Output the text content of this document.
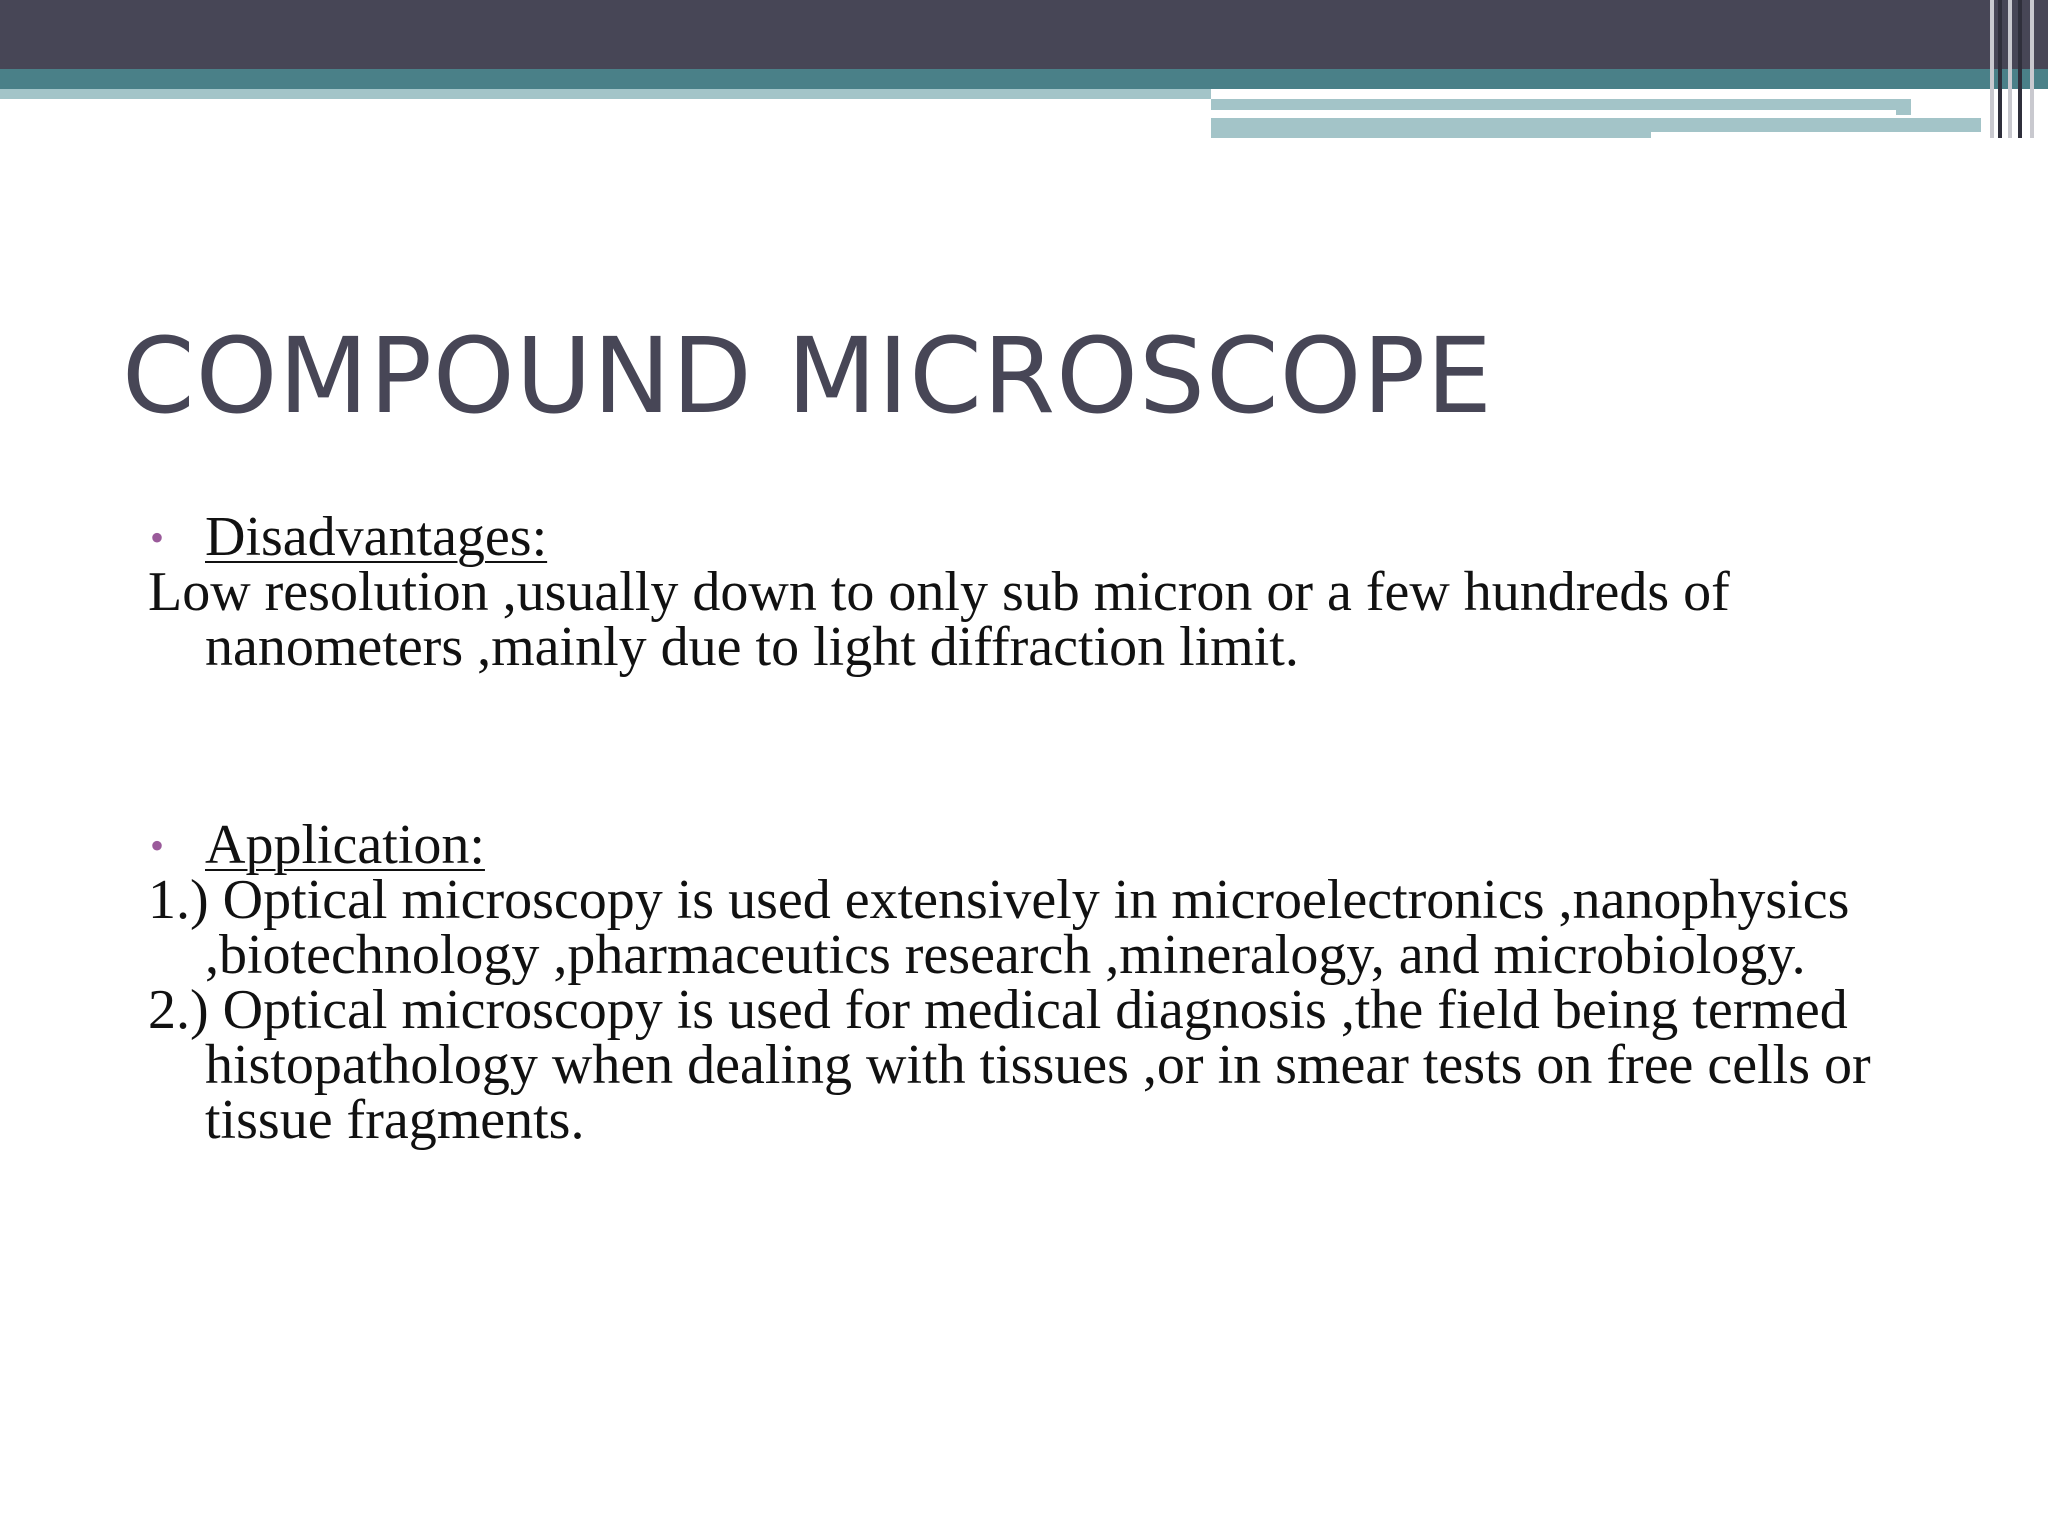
COMPOUND MICROSCOPE
• Disadvantages:
Low resolution ,usually down to only sub micron or a few hundreds of nanometers ,mainly due to light diffraction limit.
• Application:
1.) Optical microscopy is used extensively in microelectronics ,nanophysics ,biotechnology ,pharmaceutics research ,mineralogy, and microbiology.
2.) Optical microscopy is used for medical diagnosis ,the field being termed histopathology when dealing with tissues ,or in smear tests on free cells or tissue fragments.
